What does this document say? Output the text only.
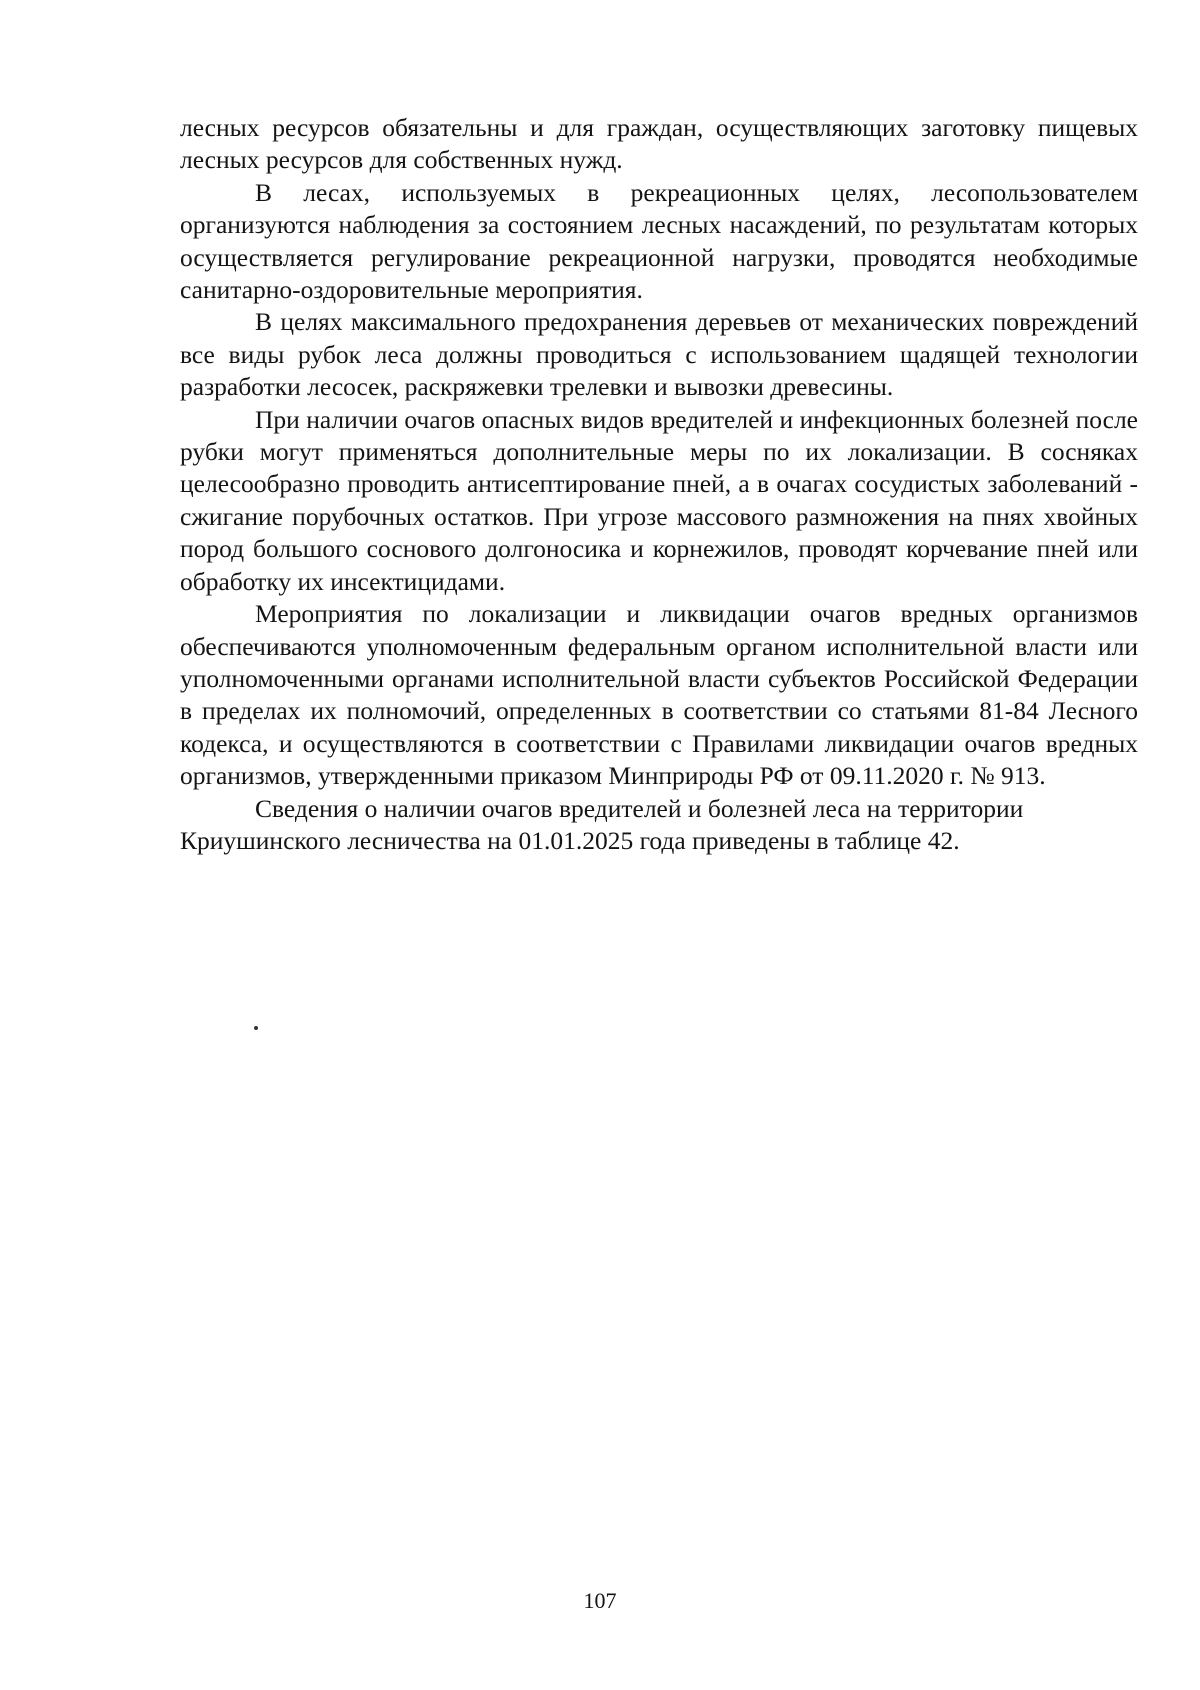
лесных ресурсов обязательны и для граждан, осуществляющих заготовку пищевых лесных ресурсов для собственных нужд.

В лесах, используемых в рекреационных целях, лесопользователем организуются наблюдения за состоянием лесных насаждений, по результатам которых осуществляется регулирование рекреационной нагрузки, проводятся необходимые санитарно-оздоровительные мероприятия.

В целях максимального предохранения деревьев от механических повреждений все виды рубок леса должны проводиться с использованием щадящей технологии разработки лесосек, раскряжевки трелевки и вывозки древесины.

При наличии очагов опасных видов вредителей и инфекционных болезней после рубки могут применяться дополнительные меры по их локализации. В сосняках целесообразно проводить антисептирование пней, а в очагах сосудистых заболеваний - сжигание порубочных остатков. При угрозе массового размножения на пнях хвойных пород большого соснового долгоносика и корнежилов, проводят корчевание пней или обработку их инсектицидами.

Мероприятия по локализации и ликвидации очагов вредных организмов обеспечиваются уполномоченным федеральным органом исполнительной власти или уполномоченными органами исполнительной власти субъектов Российской Федерации в пределах их полномочий, определенных в соответствии со статьями 81-84 Лесного кодекса, и осуществляются в соответствии с Правилами ликвидации очагов вредных организмов, утвержденными приказом Минприроды РФ от 09.11.2020 г. № 913.

Сведения о наличии очагов вредителей и болезней леса на территории Криушинского лесничества на 01.01.2025 года приведены в таблице 42.

107
